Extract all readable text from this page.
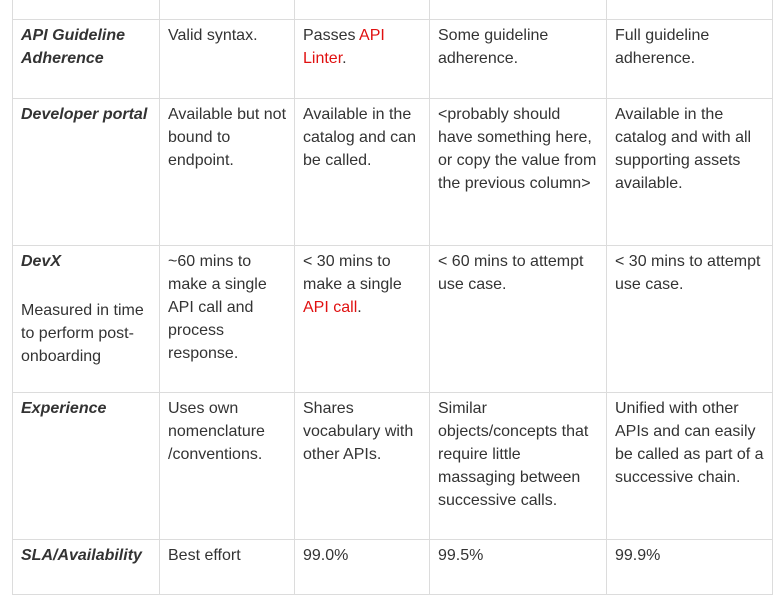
API Guideline Adherence	Valid syntax.	Passes API Linter.	Some guideline adherence.	Full guideline adherence.
Developer portal	Available but not bound to endpoint.	Available in the catalog and can be called.	<probably should have something here, or copy the value from the previous column>	Available in the catalog and with all supporting assets available.
DevX
Measured in time to perform post-onboarding	~60 mins to make a single API call and process response.	< 30 mins to make a single API call.	< 60 mins to attempt use case.	< 30 mins to attempt use case.
Experience	Uses own nomenclature /conventions.	Shares vocabulary with other APIs.	Similar objects/concepts that require little massaging between successive calls.	Unified with other APIs and can easily be called as part of a successive chain.
SLA/Availability	Best effort	99.0%	99.5%	99.9%
